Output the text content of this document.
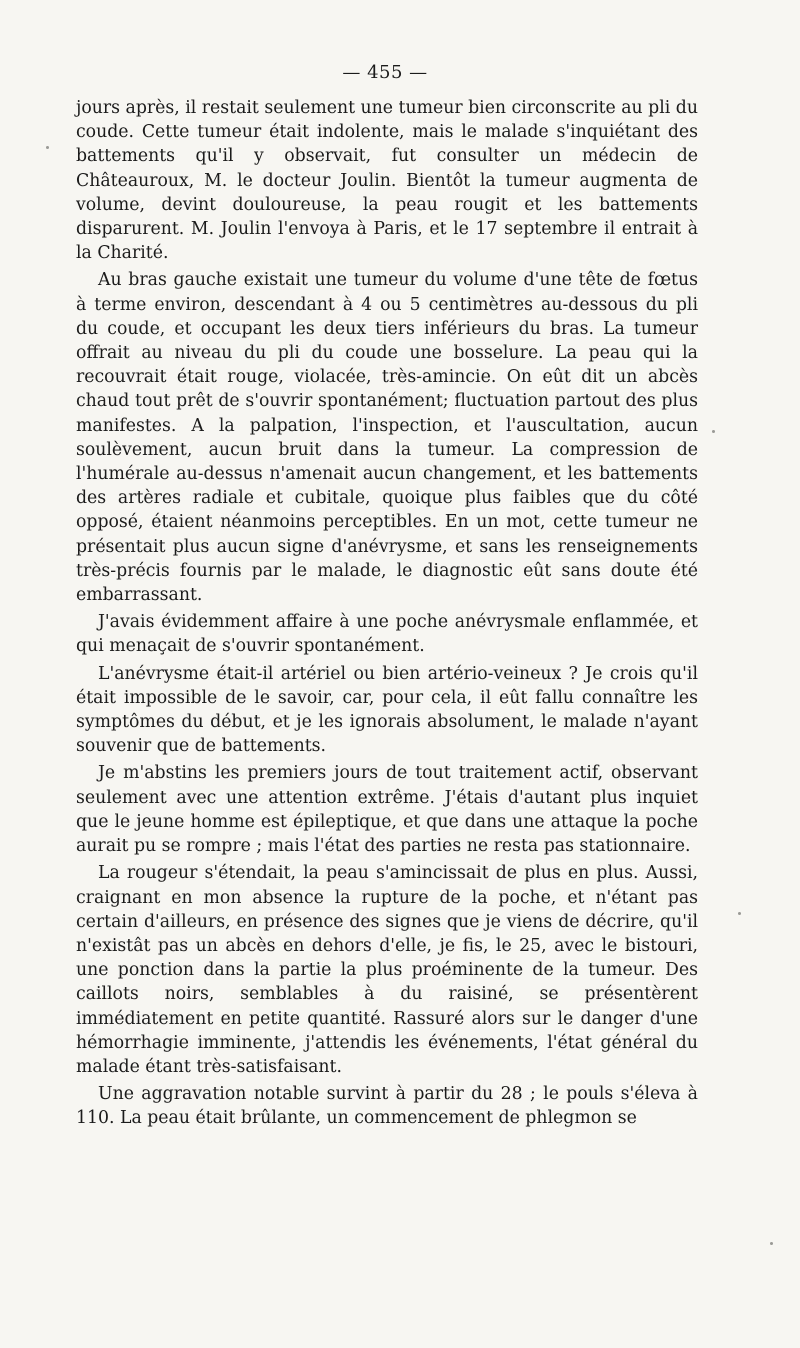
— 455 —

jours après, il restait seulement une tumeur bien circonscrite au pli du coude. Cette tumeur était indolente, mais le malade s'inquiétant des battements qu'il y observait, fut consulter un médecin de Châteauroux, M. le docteur Joulin. Bientôt la tumeur augmenta de volume, devint douloureuse, la peau rougit et les battements disparurent. M. Joulin l'envoya à Paris, et le 17 septembre il entrait à la Charité.

Au bras gauche existait une tumeur du volume d'une tête de fœtus à terme environ, descendant à 4 ou 5 centimètres au-dessous du pli du coude, et occupant les deux tiers inférieurs du bras. La tumeur offrait au niveau du pli du coude une bosselure. La peau qui la recouvrait était rouge, violacée, très-amincie. On eût dit un abcès chaud tout prêt de s'ouvrir spontanément; fluctuation partout des plus manifestes. A la palpation, l'inspection, et l'auscultation, aucun soulèvement, aucun bruit dans la tumeur. La compression de l'humérale au-dessus n'amenait aucun changement, et les battements des artères radiale et cubitale, quoique plus faibles que du côté opposé, étaient néanmoins perceptibles. En un mot, cette tumeur ne présentait plus aucun signe d'anévrysme, et sans les renseignements très-précis fournis par le malade, le diagnostic eût sans doute été embarrassant.

J'avais évidemment affaire à une poche anévrysmale enflammée, et qui menaçait de s'ouvrir spontanément.

L'anévrysme était-il artériel ou bien artério-veineux ? Je crois qu'il était impossible de le savoir, car, pour cela, il eût fallu connaître les symptômes du début, et je les ignorais absolument, le malade n'ayant souvenir que de battements.

Je m'abstins les premiers jours de tout traitement actif, observant seulement avec une attention extrême. J'étais d'autant plus inquiet que le jeune homme est épileptique, et que dans une attaque la poche aurait pu se rompre ; mais l'état des parties ne resta pas stationnaire.

La rougeur s'étendait, la peau s'amincissait de plus en plus. Aussi, craignant en mon absence la rupture de la poche, et n'étant pas certain d'ailleurs, en présence des signes que je viens de décrire, qu'il n'existât pas un abcès en dehors d'elle, je fis, le 25, avec le bistouri, une ponction dans la partie la plus proéminente de la tumeur. Des caillots noirs, semblables à du raisiné, se présentèrent immédiatement en petite quantité. Rassuré alors sur le danger d'une hémorrhagie imminente, j'attendis les événements, l'état général du malade étant très-satisfaisant.

Une aggravation notable survint à partir du 28 ; le pouls s'éleva à 110. La peau était brûlante, un commencement de phlegmon se
